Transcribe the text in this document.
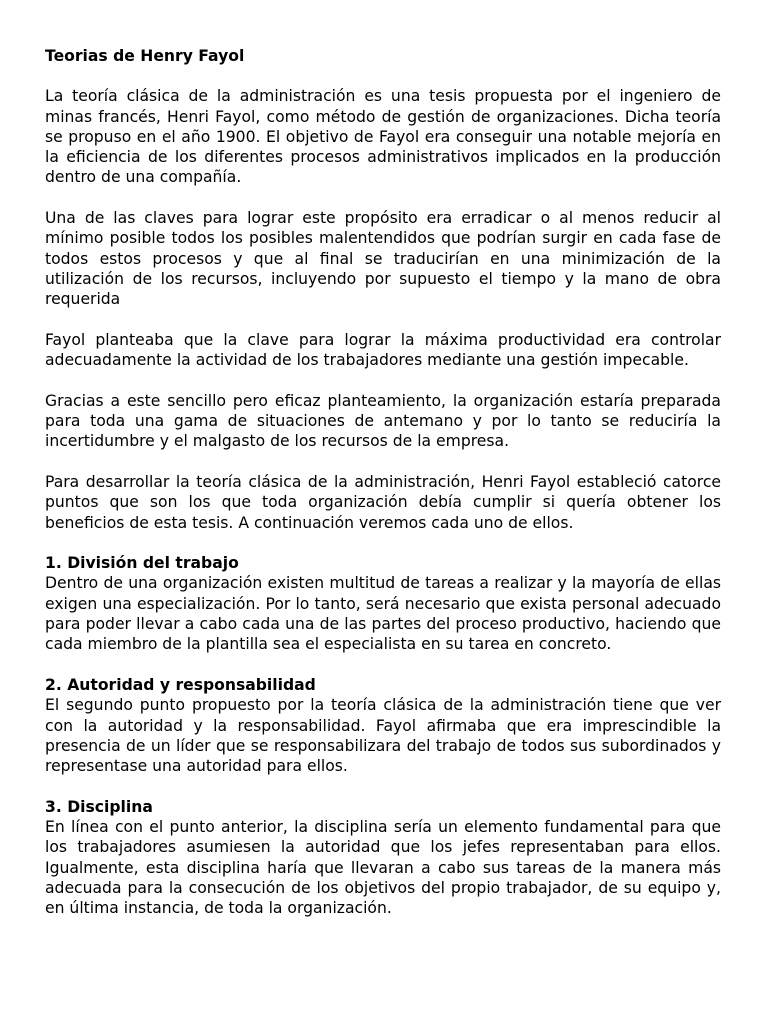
Teorias de Henry Fayol

La teoría clásica de la administración es una tesis propuesta por el ingeniero de minas francés, Henri Fayol, como método de gestión de organizaciones. Dicha teoría se propuso en el año 1900. El objetivo de Fayol era conseguir una notable mejoría en la eficiencia de los diferentes procesos administrativos implicados en la producción dentro de una compañía.

Una de las claves para lograr este propósito era erradicar o al menos reducir al mínimo posible todos los posibles malentendidos que podrían surgir en cada fase de todos estos procesos y que al final se traducirían en una minimización de la utilización de los recursos, incluyendo por supuesto el tiempo y la mano de obra requerida

Fayol planteaba que la clave para lograr la máxima productividad era controlar adecuadamente la actividad de los trabajadores mediante una gestión impecable.

Gracias a este sencillo pero eficaz planteamiento, la organización estaría preparada para toda una gama de situaciones de antemano y por lo tanto se reduciría la incertidumbre y el malgasto de los recursos de la empresa.

Para desarrollar la teoría clásica de la administración, Henri Fayol estableció catorce puntos que son los que toda organización debía cumplir si quería obtener los beneficios de esta tesis. A continuación veremos cada uno de ellos.

1. División del trabajo

Dentro de una organización existen multitud de tareas a realizar y la mayoría de ellas exigen una especialización. Por lo tanto, será necesario que exista personal adecuado para poder llevar a cabo cada una de las partes del proceso productivo, haciendo que cada miembro de la plantilla sea el especialista en su tarea en concreto.

2. Autoridad y responsabilidad

El segundo punto propuesto por la teoría clásica de la administración tiene que ver con la autoridad y la responsabilidad. Fayol afirmaba que era imprescindible la presencia de un líder que se responsabilizara del trabajo de todos sus subordinados y representase una autoridad para ellos.

3. Disciplina

En línea con el punto anterior, la disciplina sería un elemento fundamental para que los trabajadores asumiesen la autoridad que los jefes representaban para ellos. Igualmente, esta disciplina haría que llevaran a cabo sus tareas de la manera más adecuada para la consecución de los objetivos del propio trabajador, de su equipo y, en última instancia, de toda la organización.
